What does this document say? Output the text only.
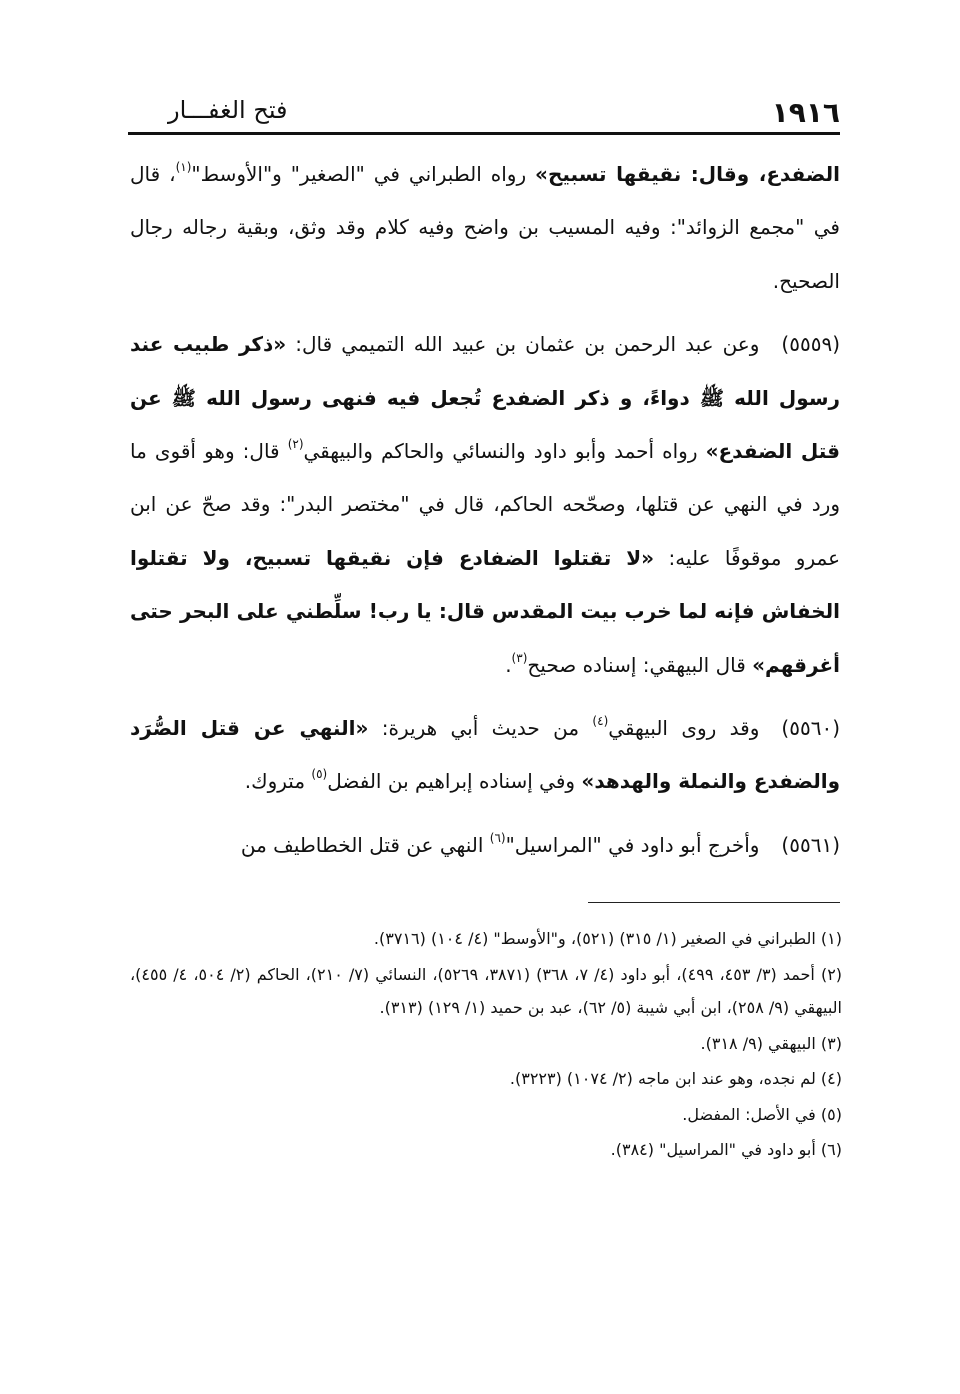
١٩١٦
فتح الغفـــار

الضفدع، وقال: نقيقها تسبيح» رواه الطبراني في "الصغير" و"الأوسط"$^{(١)}$، قال في "مجمع الزوائد": وفيه المسيب بن واضح وفيه كلام وقد وثق، وبقية رجاله رجال الصحيح.

(٥٥٥٩)وعن عبد الرحمن بن عثمان بن عبيد الله التميمي قال: «ذكر طبيب عند رسول الله ﷺ دواءً، و ذكر الضفدع تُجعل فيه فنهى رسول الله ﷺ عن قتل الضفدع» رواه أحمد وأبو داود والنسائي والحاكم والبيهقي$^{(٢)}$ قال: وهو أقوى ما ورد في النهي عن قتلها، وصحّحه الحاكم، قال في "مختصر البدر": وقد صحّ عن ابن عمرو موقوفًا عليه: «لا تقتلوا الضفادع فإن نقيقها تسبيح، ولا تقتلوا الخفاش فإنه لما خرب بيت المقدس قال: يا رب! سلِّطني على البحر حتى أغرقهم» قال البيهقي: إسناده صحيح$^{(٣)}$.

(٥٥٦٠)وقد روى البيهقي$^{(٤)}$ من حديث أبي هريرة: «النهي عن قتل الصُّرَد والضفدع والنملة والهدهد» وفي إسناده إبراهيم بن الفضل$^{(٥)}$ متروك.

(٥٥٦١)وأخرج أبو داود في "المراسيل"$^{(٦)}$ النهي عن قتل الخطاطيف من

(١) الطبراني في الصغير (١/ ٣١٥) (٥٢١)، و"الأوسط" (٤/ ١٠٤) (٣٧١٦).

(٢) أحمد (٣/ ٤٥٣، ٤٩٩)، أبو داود (٤/ ٧، ٣٦٨) (٣٨٧١، ٥٢٦٩)، النسائي (٧/ ٢١٠)، الحاكم (٢/ ٥٠٤، ٤/ ٤٥٥)، البيهقي (٩/ ٢٥٨)، ابن أبي شيبة (٥/ ٦٢)، عبد بن حميد (١/ ١٢٩) (٣١٣).

(٣) البيهقي (٩/ ٣١٨).

(٤) لم نجده، وهو عند ابن ماجه (٢/ ١٠٧٤) (٣٢٢٣).

(٥) في الأصل: المفضل.

(٦) أبو داود في "المراسيل" (٣٨٤).
